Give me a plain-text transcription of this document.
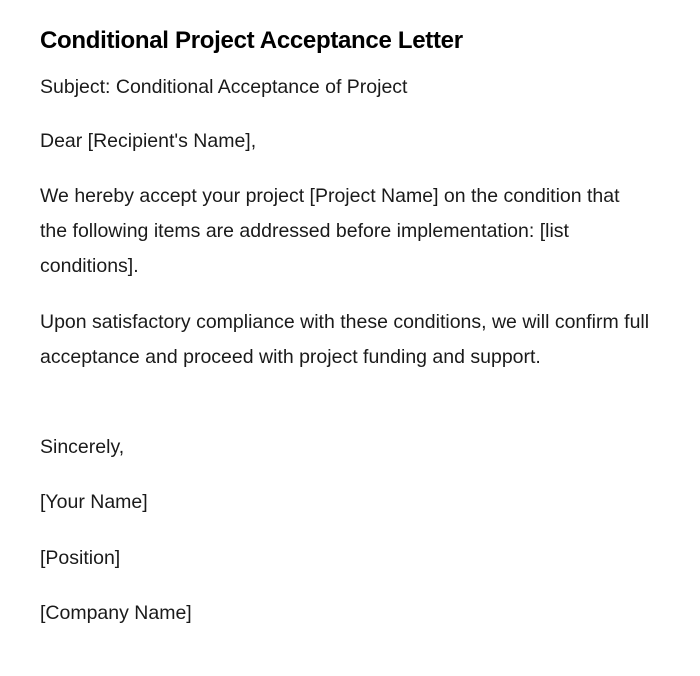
Conditional Project Acceptance Letter

Subject: Conditional Acceptance of Project

Dear [Recipient's Name],

We hereby accept your project [Project Name] on the condition that the following items are addressed before implementation: [list conditions].

Upon satisfactory compliance with these conditions, we will confirm full acceptance and proceed with project funding and support.

Sincerely,

[Your Name]

[Position]

[Company Name]
